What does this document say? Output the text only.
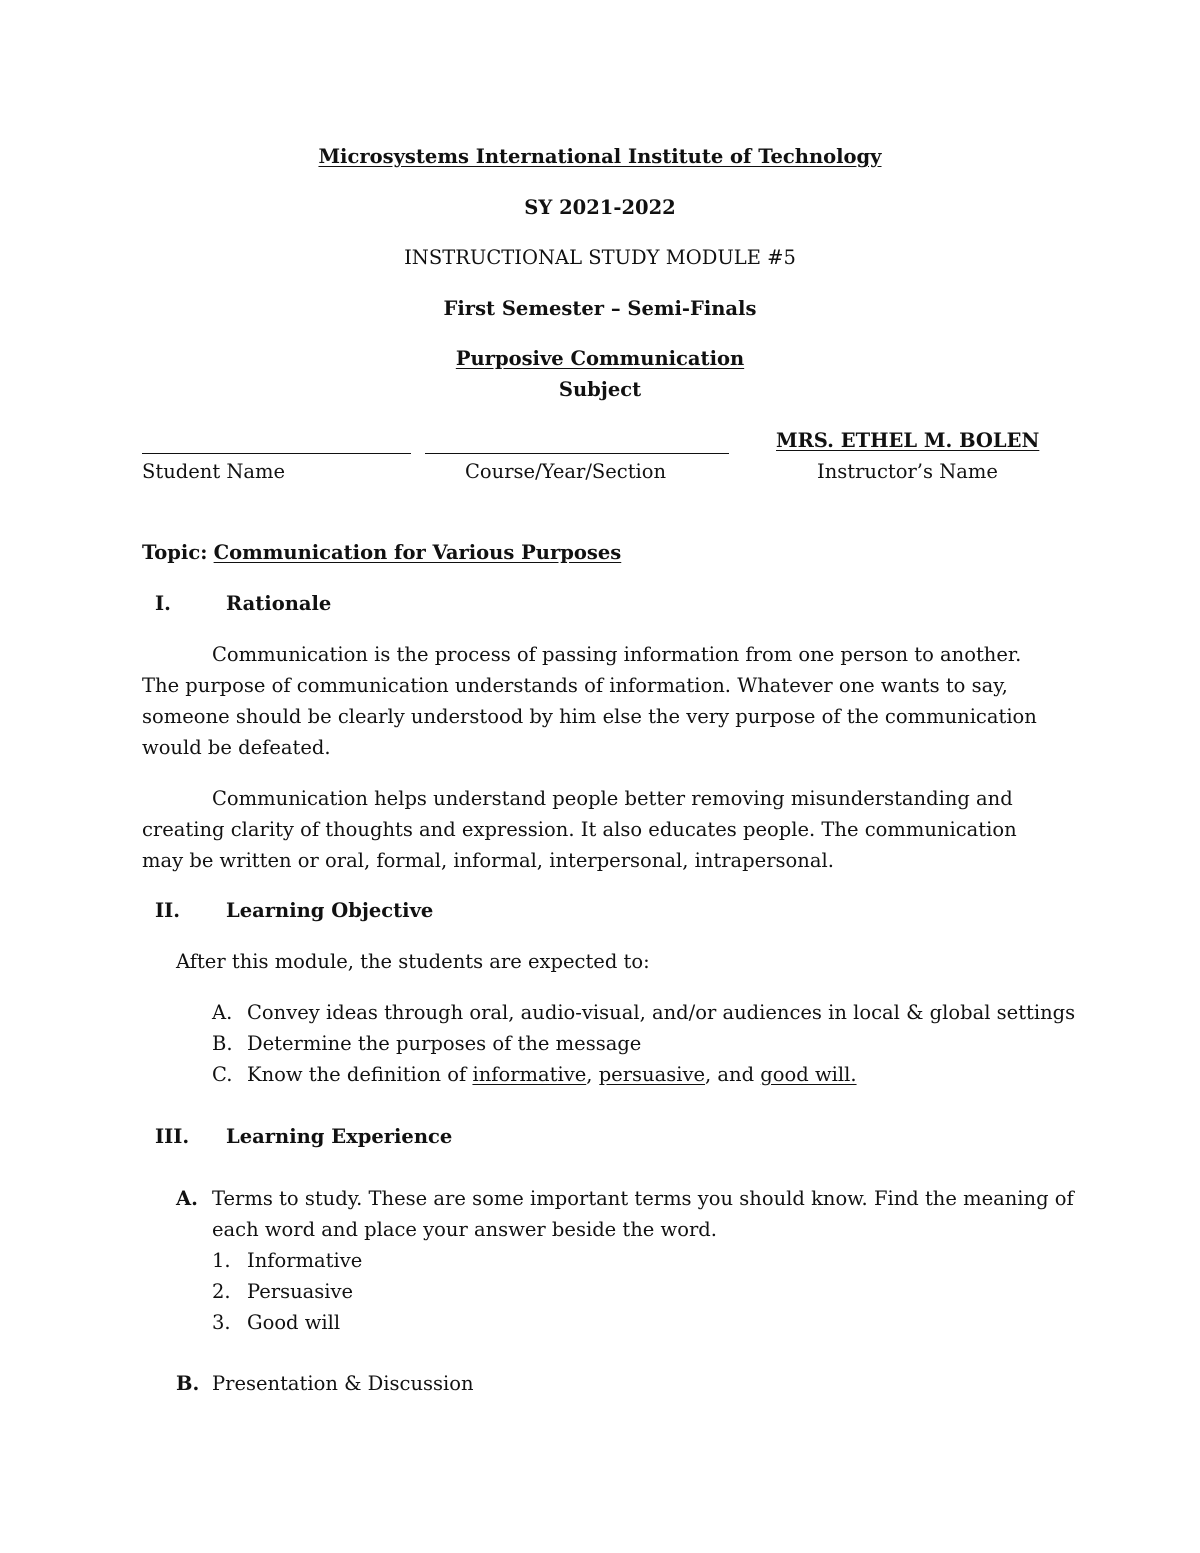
Microsystems International Institute of Technology
SY 2021-2022
INSTRUCTIONAL STUDY MODULE #5
First Semester – Semi-Finals
Purposive Communication
Subject
MRS. ETHEL M. BOLEN
Student Name	Course/Year/Section	Instructor’s Name
Topic: Communication for Various Purposes
I.	Rationale
Communication is the process of passing information from one person to another. The purpose of communication understands of information. Whatever one wants to say, someone should be clearly understood by him else the very purpose of the communication would be defeated.
Communication helps understand people better removing misunderstanding and creating clarity of thoughts and expression. It also educates people. The communication may be written or oral, formal, informal, interpersonal, intrapersonal.
II. Learning Objective
After this module, the students are expected to:
A. Convey ideas through oral, audio-visual, and/or audiences in local & global settings
B. Determine the purposes of the message
C. Know the definition of informative, persuasive, and good will.
III. Learning Experience
A. Terms to study. These are some important terms you should know. Find the meaning of
each word and place your answer beside the word.
1. Informative
2. Persuasive
3. Good will
B. Presentation & Discussion
